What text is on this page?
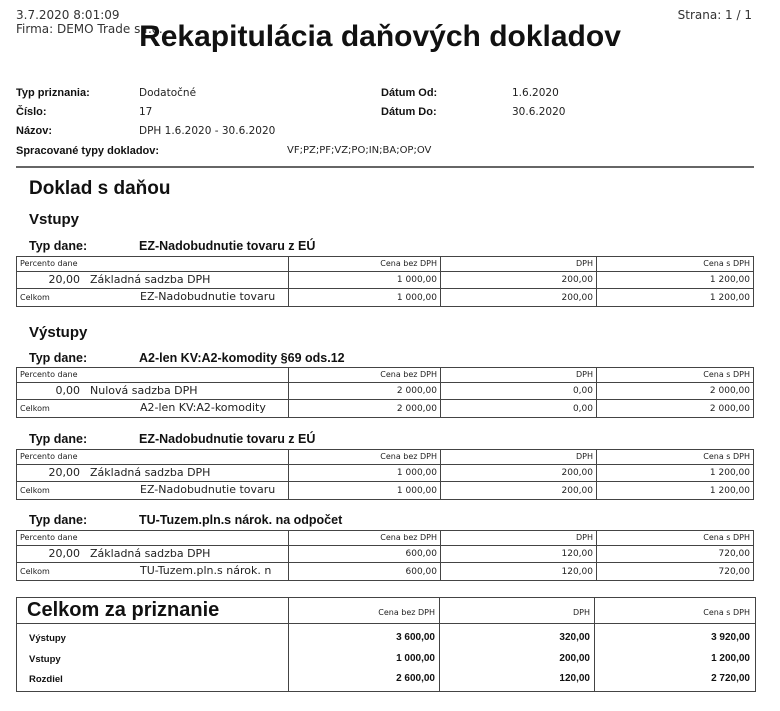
3.7.2020 8:01:09
Firma: DEMO Trade s.r.o.
Strana: 1 / 1
Rekapitulácia daňových dokladov
Typ priznania:	Dodatočné
Číslo:	17
Názov:	DPH 1.6.2020 - 30.6.2020
Dátum Od:	1.6.2020
Dátum Do:	30.6.2020
Spracované typy dokladov:	VF;PZ;PF;VZ;PO;IN;BA;OP;OV
Doklad s daňou
Vstupy
Typ dane:	EZ-Nadobudnutie tovaru z EÚ
Percento dane	Cena bez DPH	DPH	Cena s DPH
20,00 Základná sadzba DPH	1 000,00	200,00	1 200,00
Celkom EZ-Nadobudnutie tovaru	1 000,00	200,00	1 200,00
Výstupy
Typ dane:	A2-len KV:A2-komodity §69 ods.12
Percento dane	Cena bez DPH	DPH	Cena s DPH
0,00 Nulová sadzba DPH	2 000,00	0,00	2 000,00
Celkom A2-len KV:A2-komodity	2 000,00	0,00	2 000,00
Typ dane:	EZ-Nadobudnutie tovaru z EÚ
Percento dane	Cena bez DPH	DPH	Cena s DPH
20,00 Základná sadzba DPH	1 000,00	200,00	1 200,00
Celkom EZ-Nadobudnutie tovaru	1 000,00	200,00	1 200,00
Typ dane:	TU-Tuzem.pln.s nárok. na odpočet
Percento dane	Cena bez DPH	DPH	Cena s DPH
20,00 Základná sadzba DPH	600,00	120,00	720,00
Celkom TU-Tuzem.pln.s nárok. n	600,00	120,00	720,00
Celkom za priznanie	Cena bez DPH	DPH	Cena s DPH
Výstupy	3 600,00	320,00	3 920,00
Vstupy	1 000,00	200,00	1 200,00
Rozdiel	2 600,00	120,00	2 720,00
